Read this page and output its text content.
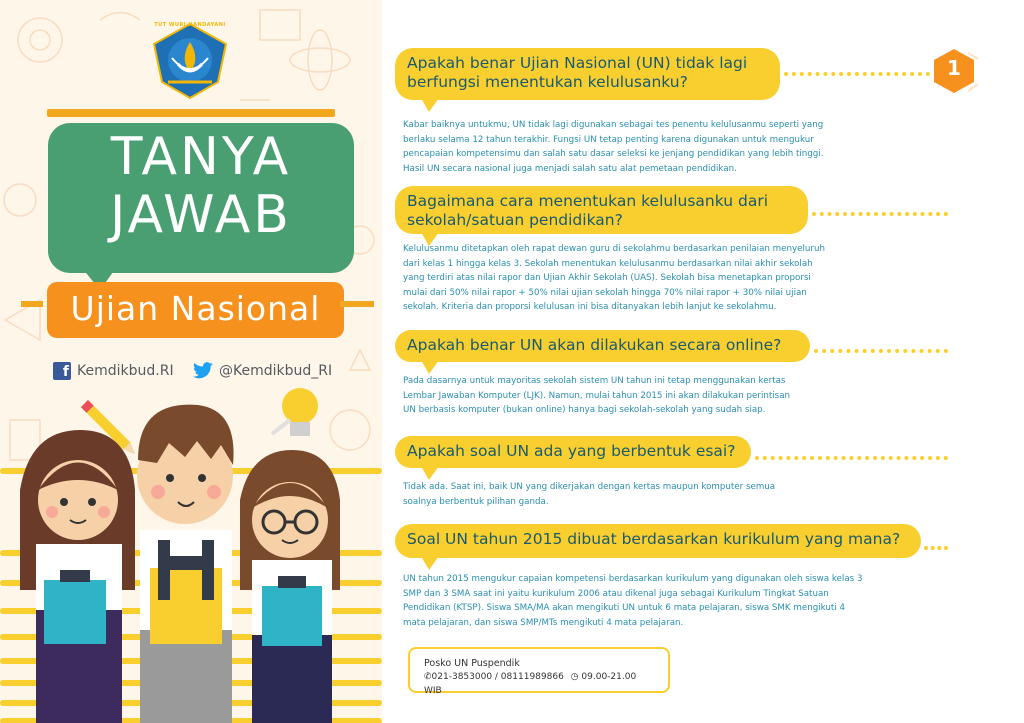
TUT WURI HANDAYANI
TANYA
JAWAB
Ujian Nasional
f Kemdikbud.RI	@Kemdikbud_RI
1
Apakah benar Ujian Nasional (UN) tidak lagi
berfungsi menentukan kelulusanku?
Kabar baiknya untukmu, UN tidak lagi digunakan sebagai tes penentu kelulusanmu seperti yang
berlaku selama 12 tahun terakhir. Fungsi UN tetap penting karena digunakan untuk mengukur
pencapaian kompetensimu dan salah satu dasar seleksi ke jenjang pendidikan yang lebih tinggi.
Hasil UN secara nasional juga menjadi salah satu alat pemetaan pendidikan.
Bagaimana cara menentukan kelulusanku dari
sekolah/satuan pendidikan?
Kelulusanmu ditetapkan oleh rapat dewan guru di sekolahmu berdasarkan penilaian menyeluruh
dari kelas 1 hingga kelas 3. Sekolah menentukan kelulusanmu berdasarkan nilai akhir sekolah
yang terdiri atas nilai rapor dan Ujian Akhir Sekolah (UAS). Sekolah bisa menetapkan proporsi
mulai dari 50% nilai rapor + 50% nilai ujian sekolah hingga 70% nilai rapor + 30% nilai ujian
sekolah. Kriteria dan proporsi kelulusan ini bisa ditanyakan lebih lanjut ke sekolahmu.
Apakah benar UN akan dilakukan secara online?
Pada dasarnya untuk mayoritas sekolah sistem UN tahun ini tetap menggunakan kertas
Lembar Jawaban Komputer (LJK). Namun, mulai tahun 2015 ini akan dilakukan perintisan
UN berbasis komputer (bukan online) hanya bagi sekolah-sekolah yang sudah siap.
Apakah soal UN ada yang berbentuk esai?
Tidak ada. Saat ini, baik UN yang dikerjakan dengan kertas maupun komputer semua
soalnya berbentuk pilihan ganda.
Soal UN tahun 2015 dibuat berdasarkan kurikulum yang mana?
UN tahun 2015 mengukur capaian kompetensi berdasarkan kurikulum yang digunakan oleh siswa kelas 3
SMP dan 3 SMA saat ini yaitu kurikulum 2006 atau dikenal juga sebagai Kurikulum Tingkat Satuan
Pendidikan (KTSP). Siswa SMA/MA akan mengikuti UN untuk 6 mata pelajaran, siswa SMK mengikuti 4
mata pelajaran, dan siswa SMP/MTs mengikuti 4 mata pelajaran.
Posko UN Puspendik
✆021-3853000 / 08111989866 ◷ 09.00-21.00 WIB
